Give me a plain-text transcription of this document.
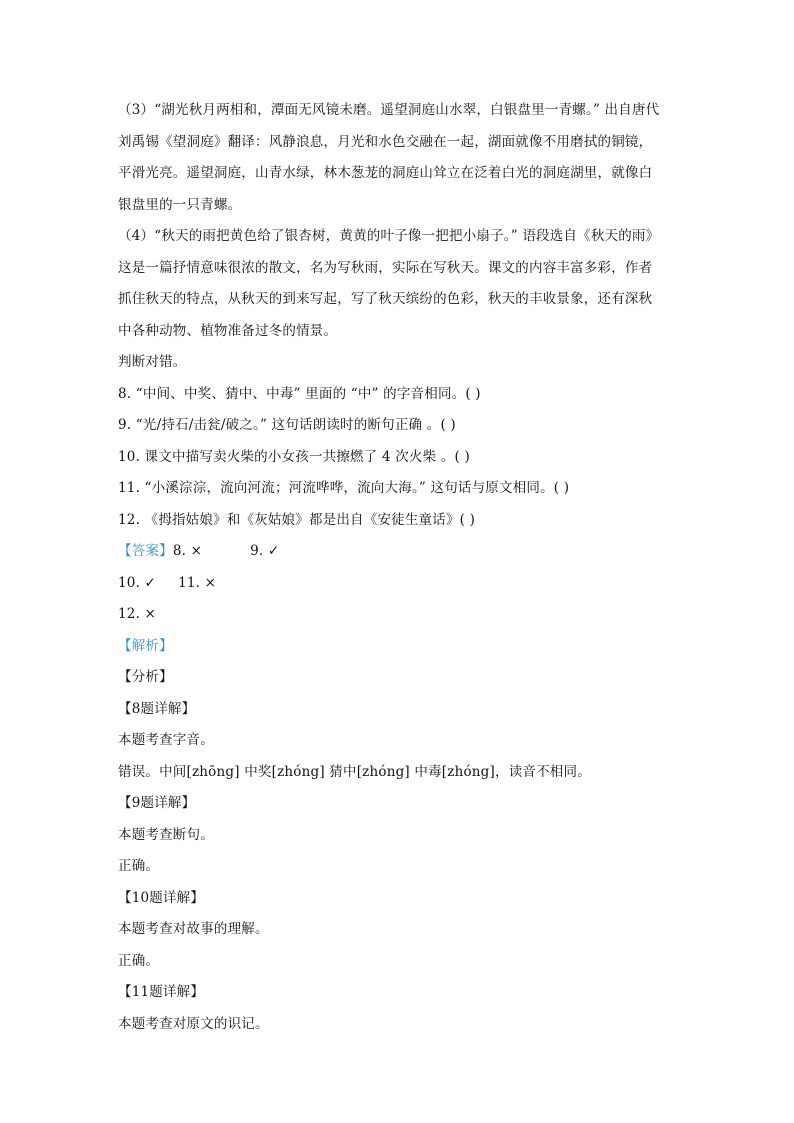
（3）“湖光秋月两相和，潭面无风镜未磨。遥望洞庭山水翠，白银盘里一青螺。” 出自唐代
刘禹锡《望洞庭》翻译：风静浪息，月光和水色交融在一起，湖面就像不用磨拭的铜镜，
平滑光亮。遥望洞庭，山青水绿，林木葱茏的洞庭山耸立在泛着白光的洞庭湖里，就像白
银盘里的一只青螺。
（4）“秋天的雨把黄色给了银杏树，黄黄的叶子像一把把小扇子。” 语段选自《秋天的雨》
这是一篇抒情意味很浓的散文，名为写秋雨，实际在写秋天。课文的内容丰富多彩，作者
抓住秋天的特点，从秋天的到来写起，写了秋天缤纷的色彩，秋天的丰收景象，还有深秋
中各种动物、植物准备过冬的情景。
判断对错。
8. “中间、中奖、猜中、中毒” 里面的 “中” 的字音相同。( )
9. “光/持石/击瓮/破之。” 这句话朗读时的断句正确 。( )
10. 课文中描写卖火柴的小女孩一共擦燃了 4 次火柴 。( )
11. “小溪淙淙，流向河流；河流哗哗，流向大海。” 这句话与原文相同。( )
12. 《拇指姑娘》和《灰姑娘》都是出自《安徒生童话》( )
【答案】8. ×	9. ✓
10. ✓ 11. ×
12. ×
【解析】
【分析】
【8题详解】
本题考查字音。
错误。中间[zhōng] 中奖[zhóng] 猜中[zhóng] 中毒[zhóng]，读音不相同。
【9题详解】
本题考查断句。
正确。
【10题详解】
本题考查对故事的理解。
正确。
【11题详解】
本题考查对原文的识记。
